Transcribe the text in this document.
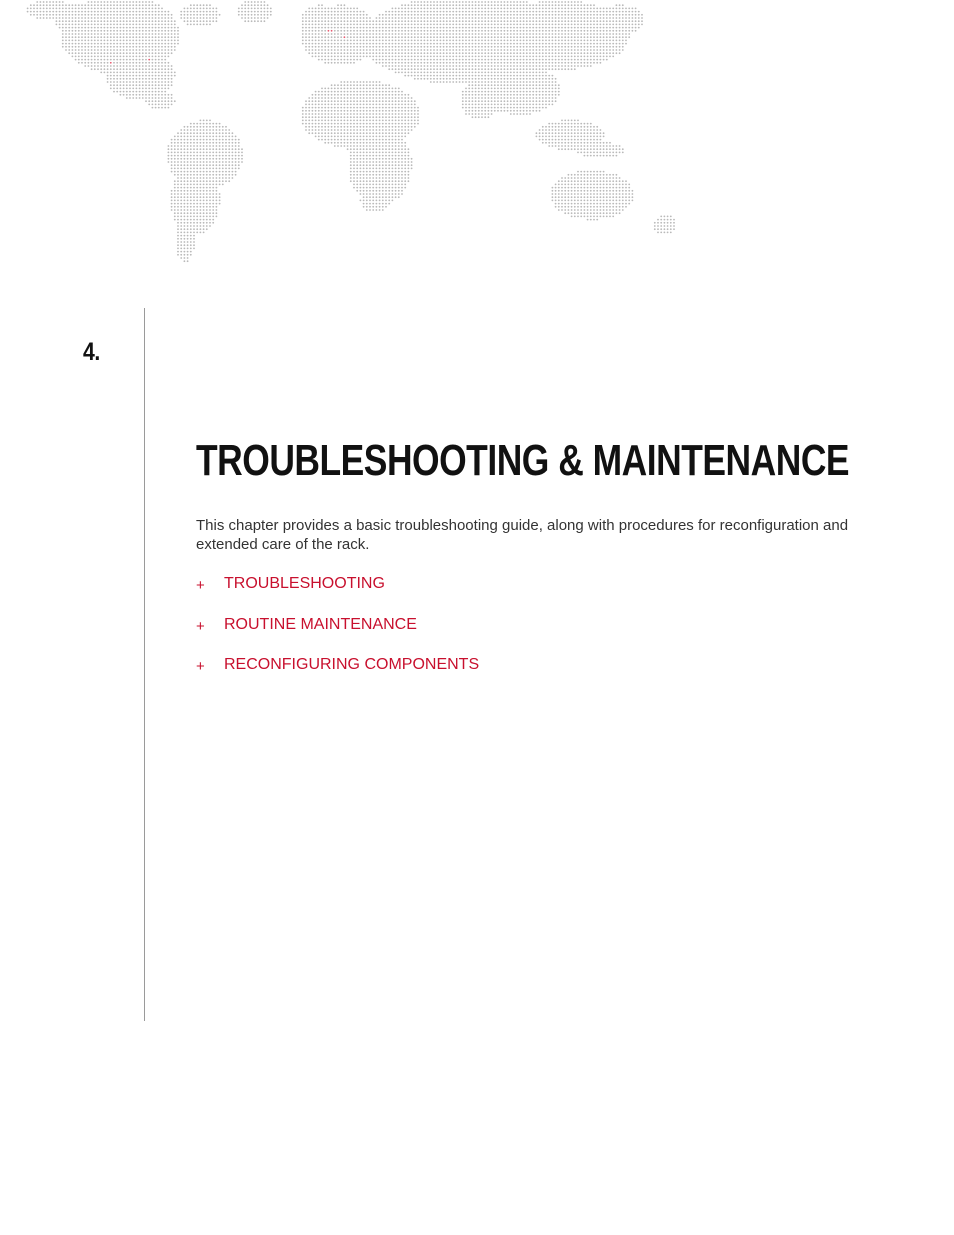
4.
TROUBLESHOOTING & MAINTENANCE

This chapter provides a basic troubleshooting guide, along with procedures for reconfiguration and extended care of the rack.

+	TROUBLESHOOTING
+	ROUTINE MAINTENANCE
+	RECONFIGURING COMPONENTS
